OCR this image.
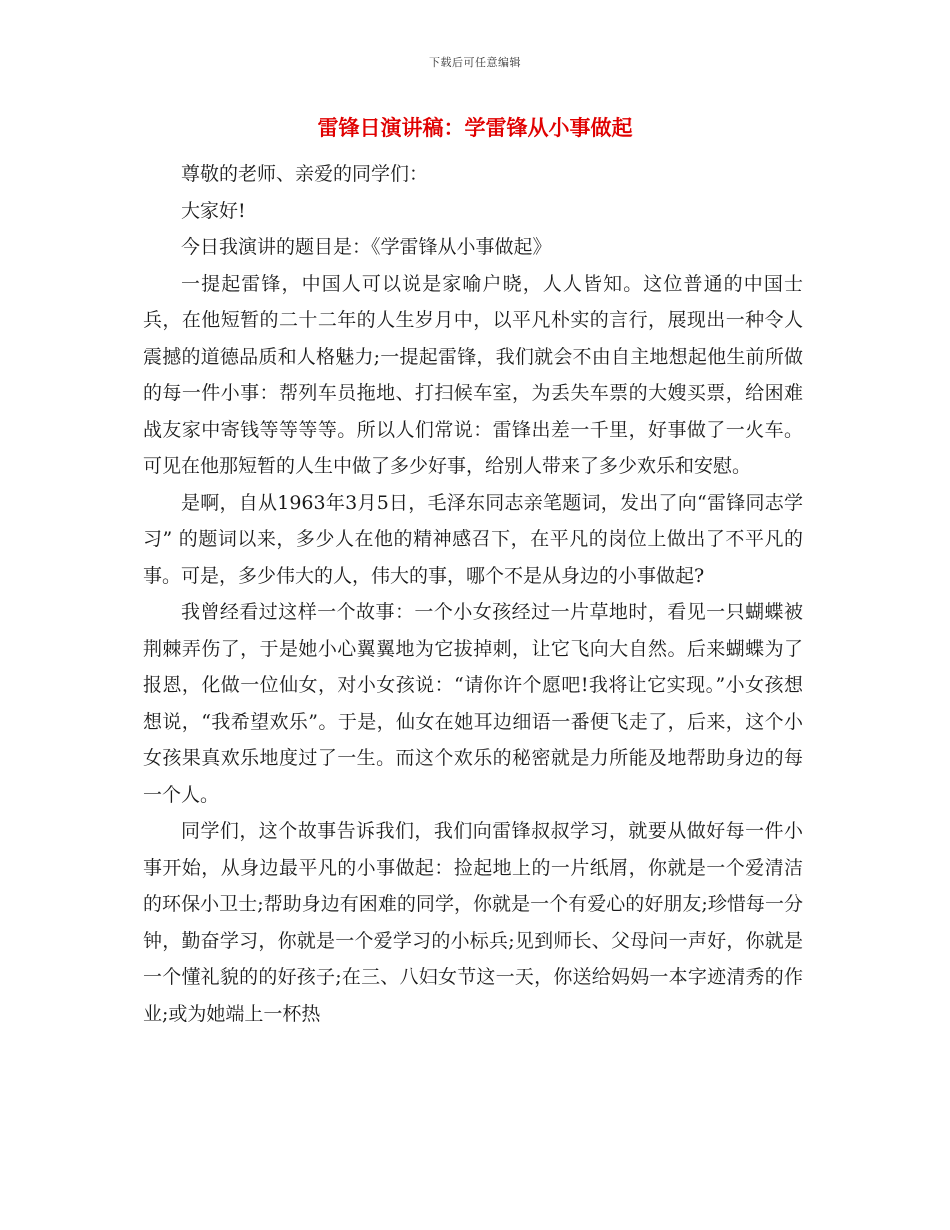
下载后可任意编辑
雷锋日演讲稿：学雷锋从小事做起

尊敬的老师、亲爱的同学们：

大家好!

今日我演讲的题目是：《学雷锋从小事做起》

一提起雷锋，中国人可以说是家喻户晓，人人皆知。这位普通的中国士兵，在他短暂的二十二年的人生岁月中，以平凡朴实的言行，展现出一种令人震撼的道德品质和人格魅力;一提起雷锋，我们就会不由自主地想起他生前所做的每一件小事：帮列车员拖地、打扫候车室，为丢失车票的大嫂买票，给困难战友家中寄钱等等等等。所以人们常说：雷锋出差一千里，好事做了一火车。可见在他那短暂的人生中做了多少好事，给别人带来了多少欢乐和安慰。

是啊，自从1963年3月5日，毛泽东同志亲笔题词，发出了向“雷锋同志学习” 的题词以来，多少人在他的精神感召下，在平凡的岗位上做出了不平凡的事。可是，多少伟大的人，伟大的事，哪个不是从身边的小事做起?

我曾经看过这样一个故事：一个小女孩经过一片草地时，看见一只蝴蝶被荆棘弄伤了，于是她小心翼翼地为它拔掉刺，让它飞向大自然。后来蝴蝶为了报恩，化做一位仙女，对小女孩说：“请你许个愿吧!我将让它实现。”小女孩想想说，“我希望欢乐”。于是，仙女在她耳边细语一番便飞走了，后来，这个小女孩果真欢乐地度过了一生。而这个欢乐的秘密就是力所能及地帮助身边的每一个人。

同学们，这个故事告诉我们，我们向雷锋叔叔学习，就要从做好每一件小事开始，从身边最平凡的小事做起：捡起地上的一片纸屑，你就是一个爱清洁的环保小卫士;帮助身边有困难的同学，你就是一个有爱心的好朋友;珍惜每一分钟，勤奋学习，你就是一个爱学习的小标兵;见到师长、父母问一声好，你就是一个懂礼貌的的好孩子;在三、八妇女节这一天，你送给妈妈一本字迹清秀的作业;或为她端上一杯热
